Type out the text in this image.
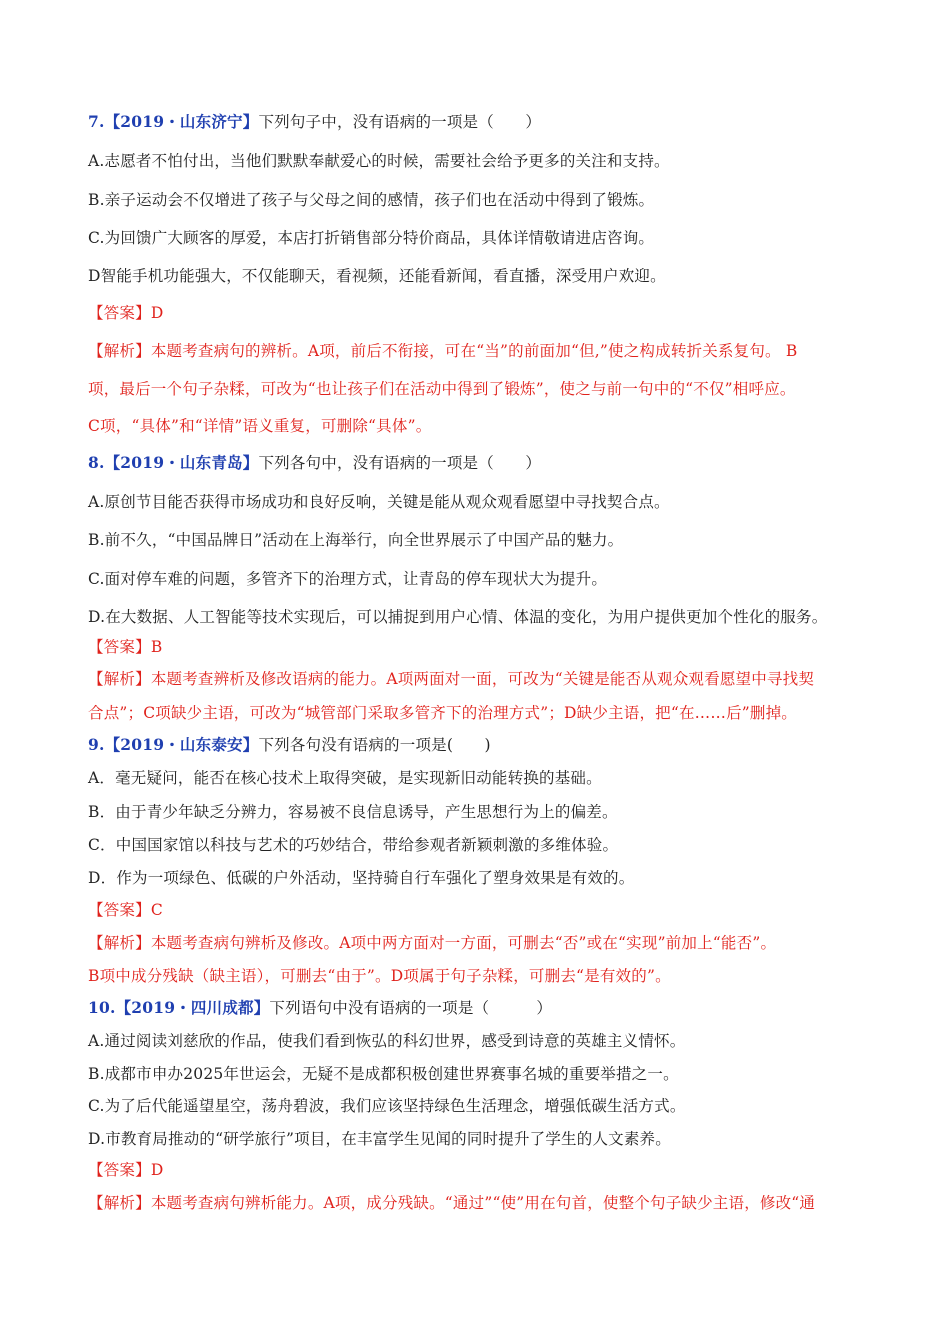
7.【2019・山东济宁】下列句子中，没有语病的一项是（　　）
A.志愿者不怕付出，当他们默默奉献爱心的时候，需要社会给予更多的关注和支持。
B.亲子运动会不仅增进了孩子与父母之间的感情，孩子们也在活动中得到了锻炼。
C.为回馈广大顾客的厚爱，本店打折销售部分特价商品，具体详情敬请进店咨询。
D智能手机功能强大，不仅能聊天，看视频，还能看新闻，看直播，深受用户欢迎。
【答案】D
【解析】本题考查病句的辨析。A项，前后不衔接，可在“当”的前面加“但,”使之构成转折关系复句。 B
项，最后一个句子杂糅，可改为“也让孩子们在活动中得到了锻炼”，使之与前一句中的“不仅”相呼应。
C项，“具体”和“详情”语义重复，可删除“具体”。
8.【2019・山东青岛】下列各句中，没有语病的一项是（　　）
A.原创节目能否获得市场成功和良好反响，关键是能从观众观看愿望中寻找契合点。
B.前不久，“中国品牌日”活动在上海举行，向全世界展示了中国产品的魅力。
C.面对停车难的问题，多管齐下的治理方式，让青岛的停车现状大为提升。
D.在大数据、人工智能等技术实现后，可以捕捉到用户心情、体温的变化，为用户提供更加个性化的服务。
【答案】B
【解析】本题考查辨析及修改语病的能力。A项两面对一面，可改为“关键是能否从观众观看愿望中寻找契
合点”；C项缺少主语，可改为“城管部门采取多管齐下的治理方式”；D缺少主语，把“在……后”删掉。
9.【2019・山东泰安】下列各句没有语病的一项是(　　)
A．毫无疑问，能否在核心技术上取得突破，是实现新旧动能转换的基础。
B．由于青少年缺乏分辨力，容易被不良信息诱导，产生思想行为上的偏差。
C．中国国家馆以科技与艺术的巧妙结合，带给参观者新颖刺激的多维体验。
D．作为一项绿色、低碳的户外活动，坚持骑自行车强化了塑身效果是有效的。
【答案】C
【解析】本题考查病句辨析及修改。A项中两方面对一方面，可删去“否”或在“实现”前加上“能否”。
B项中成分残缺（缺主语），可删去“由于”。D项属于句子杂糅，可删去“是有效的”。
10.【2019・四川成都】下列语句中没有语病的一项是（　　　）
A.通过阅读刘慈欣的作品，使我们看到恢弘的科幻世界，感受到诗意的英雄主义情怀。
B.成都市申办2025年世运会，无疑不是成都积极创建世界赛事名城的重要举措之一。
C.为了后代能遥望星空，荡舟碧波，我们应该坚持绿色生活理念，增强低碳生活方式。
D.市教育局推动的“研学旅行”项目，在丰富学生见闻的同时提升了学生的人文素养。
【答案】D
【解析】本题考查病句辨析能力。A项，成分残缺。“通过”“使”用在句首，使整个句子缺少主语，修改“通
